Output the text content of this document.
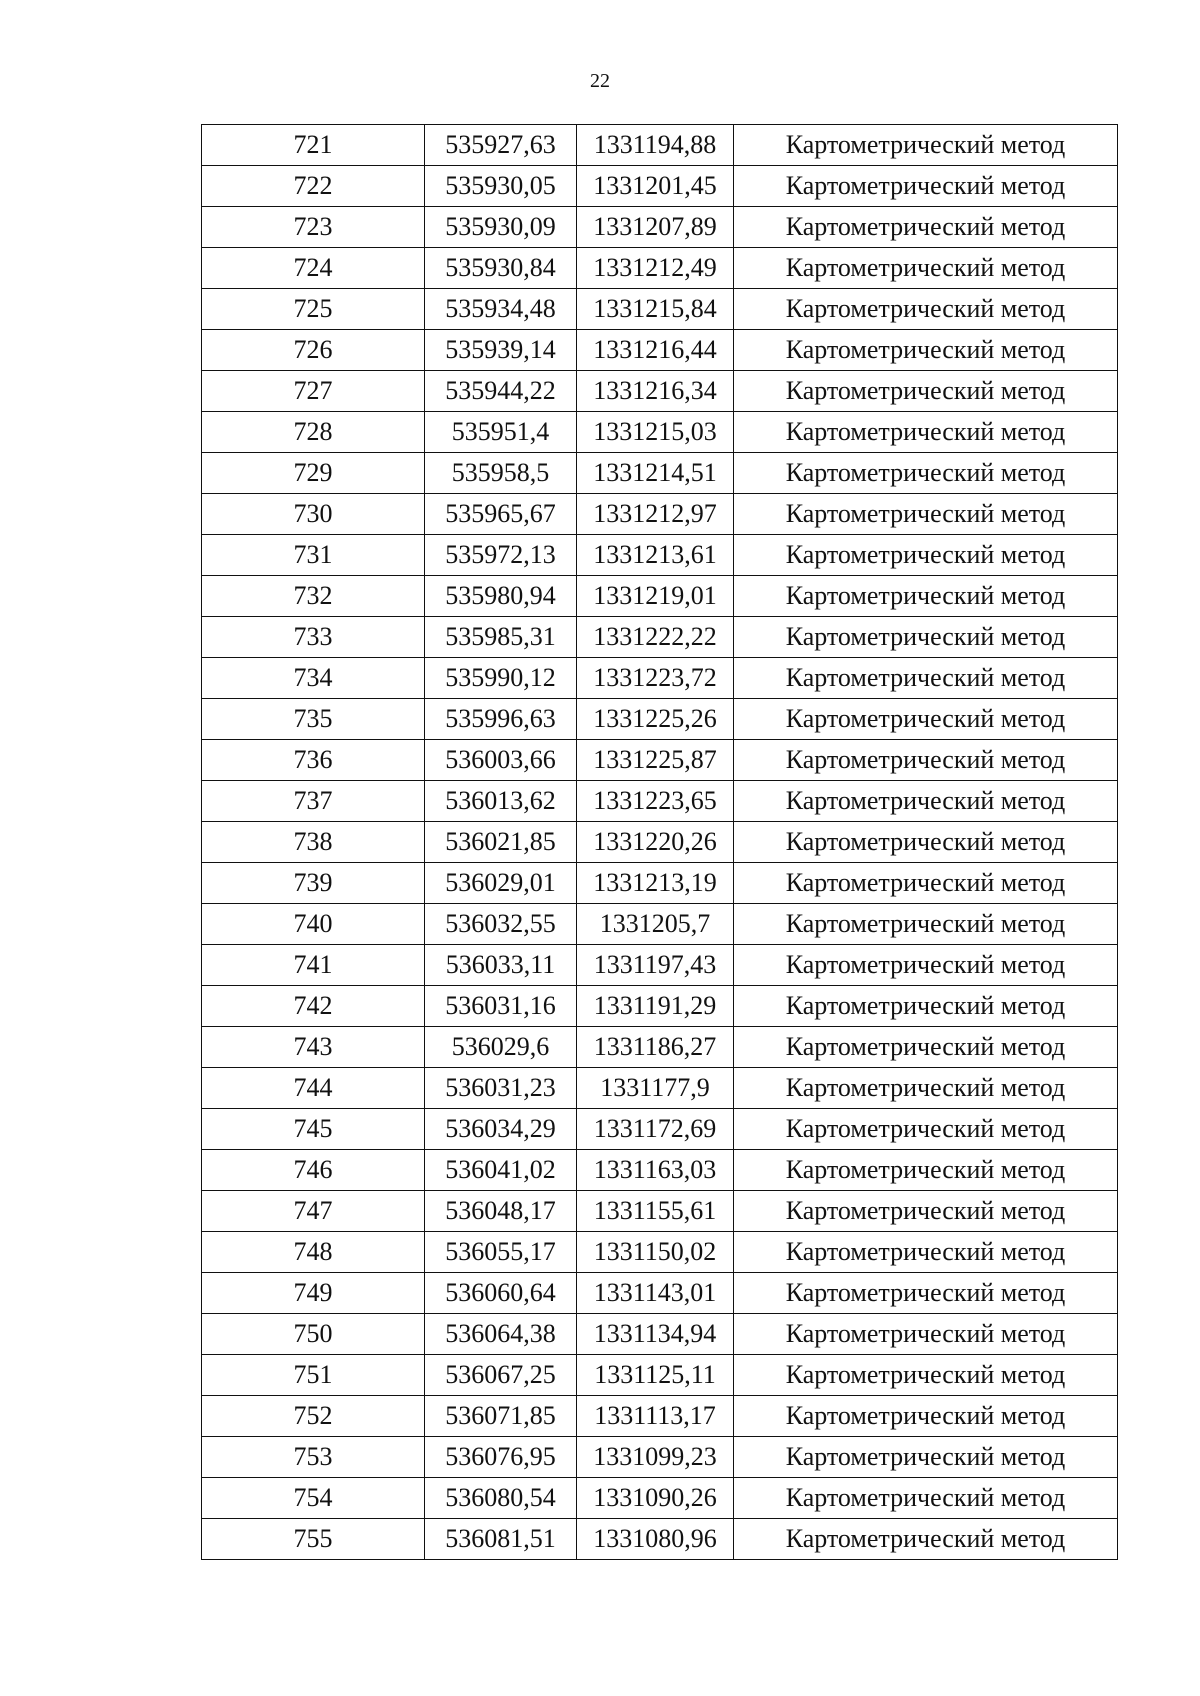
22
721	535927,63	1331194,88	Картометрический метод
722	535930,05	1331201,45	Картометрический метод
723	535930,09	1331207,89	Картометрический метод
724	535930,84	1331212,49	Картометрический метод
725	535934,48	1331215,84	Картометрический метод
726	535939,14	1331216,44	Картометрический метод
727	535944,22	1331216,34	Картометрический метод
728	535951,4	1331215,03	Картометрический метод
729	535958,5	1331214,51	Картометрический метод
730	535965,67	1331212,97	Картометрический метод
731	535972,13	1331213,61	Картометрический метод
732	535980,94	1331219,01	Картометрический метод
733	535985,31	1331222,22	Картометрический метод
734	535990,12	1331223,72	Картометрический метод
735	535996,63	1331225,26	Картометрический метод
736	536003,66	1331225,87	Картометрический метод
737	536013,62	1331223,65	Картометрический метод
738	536021,85	1331220,26	Картометрический метод
739	536029,01	1331213,19	Картометрический метод
740	536032,55	1331205,7	Картометрический метод
741	536033,11	1331197,43	Картометрический метод
742	536031,16	1331191,29	Картометрический метод
743	536029,6	1331186,27	Картометрический метод
744	536031,23	1331177,9	Картометрический метод
745	536034,29	1331172,69	Картометрический метод
746	536041,02	1331163,03	Картометрический метод
747	536048,17	1331155,61	Картометрический метод
748	536055,17	1331150,02	Картометрический метод
749	536060,64	1331143,01	Картометрический метод
750	536064,38	1331134,94	Картометрический метод
751	536067,25	1331125,11	Картометрический метод
752	536071,85	1331113,17	Картометрический метод
753	536076,95	1331099,23	Картометрический метод
754	536080,54	1331090,26	Картометрический метод
755	536081,51	1331080,96	Картометрический метод
